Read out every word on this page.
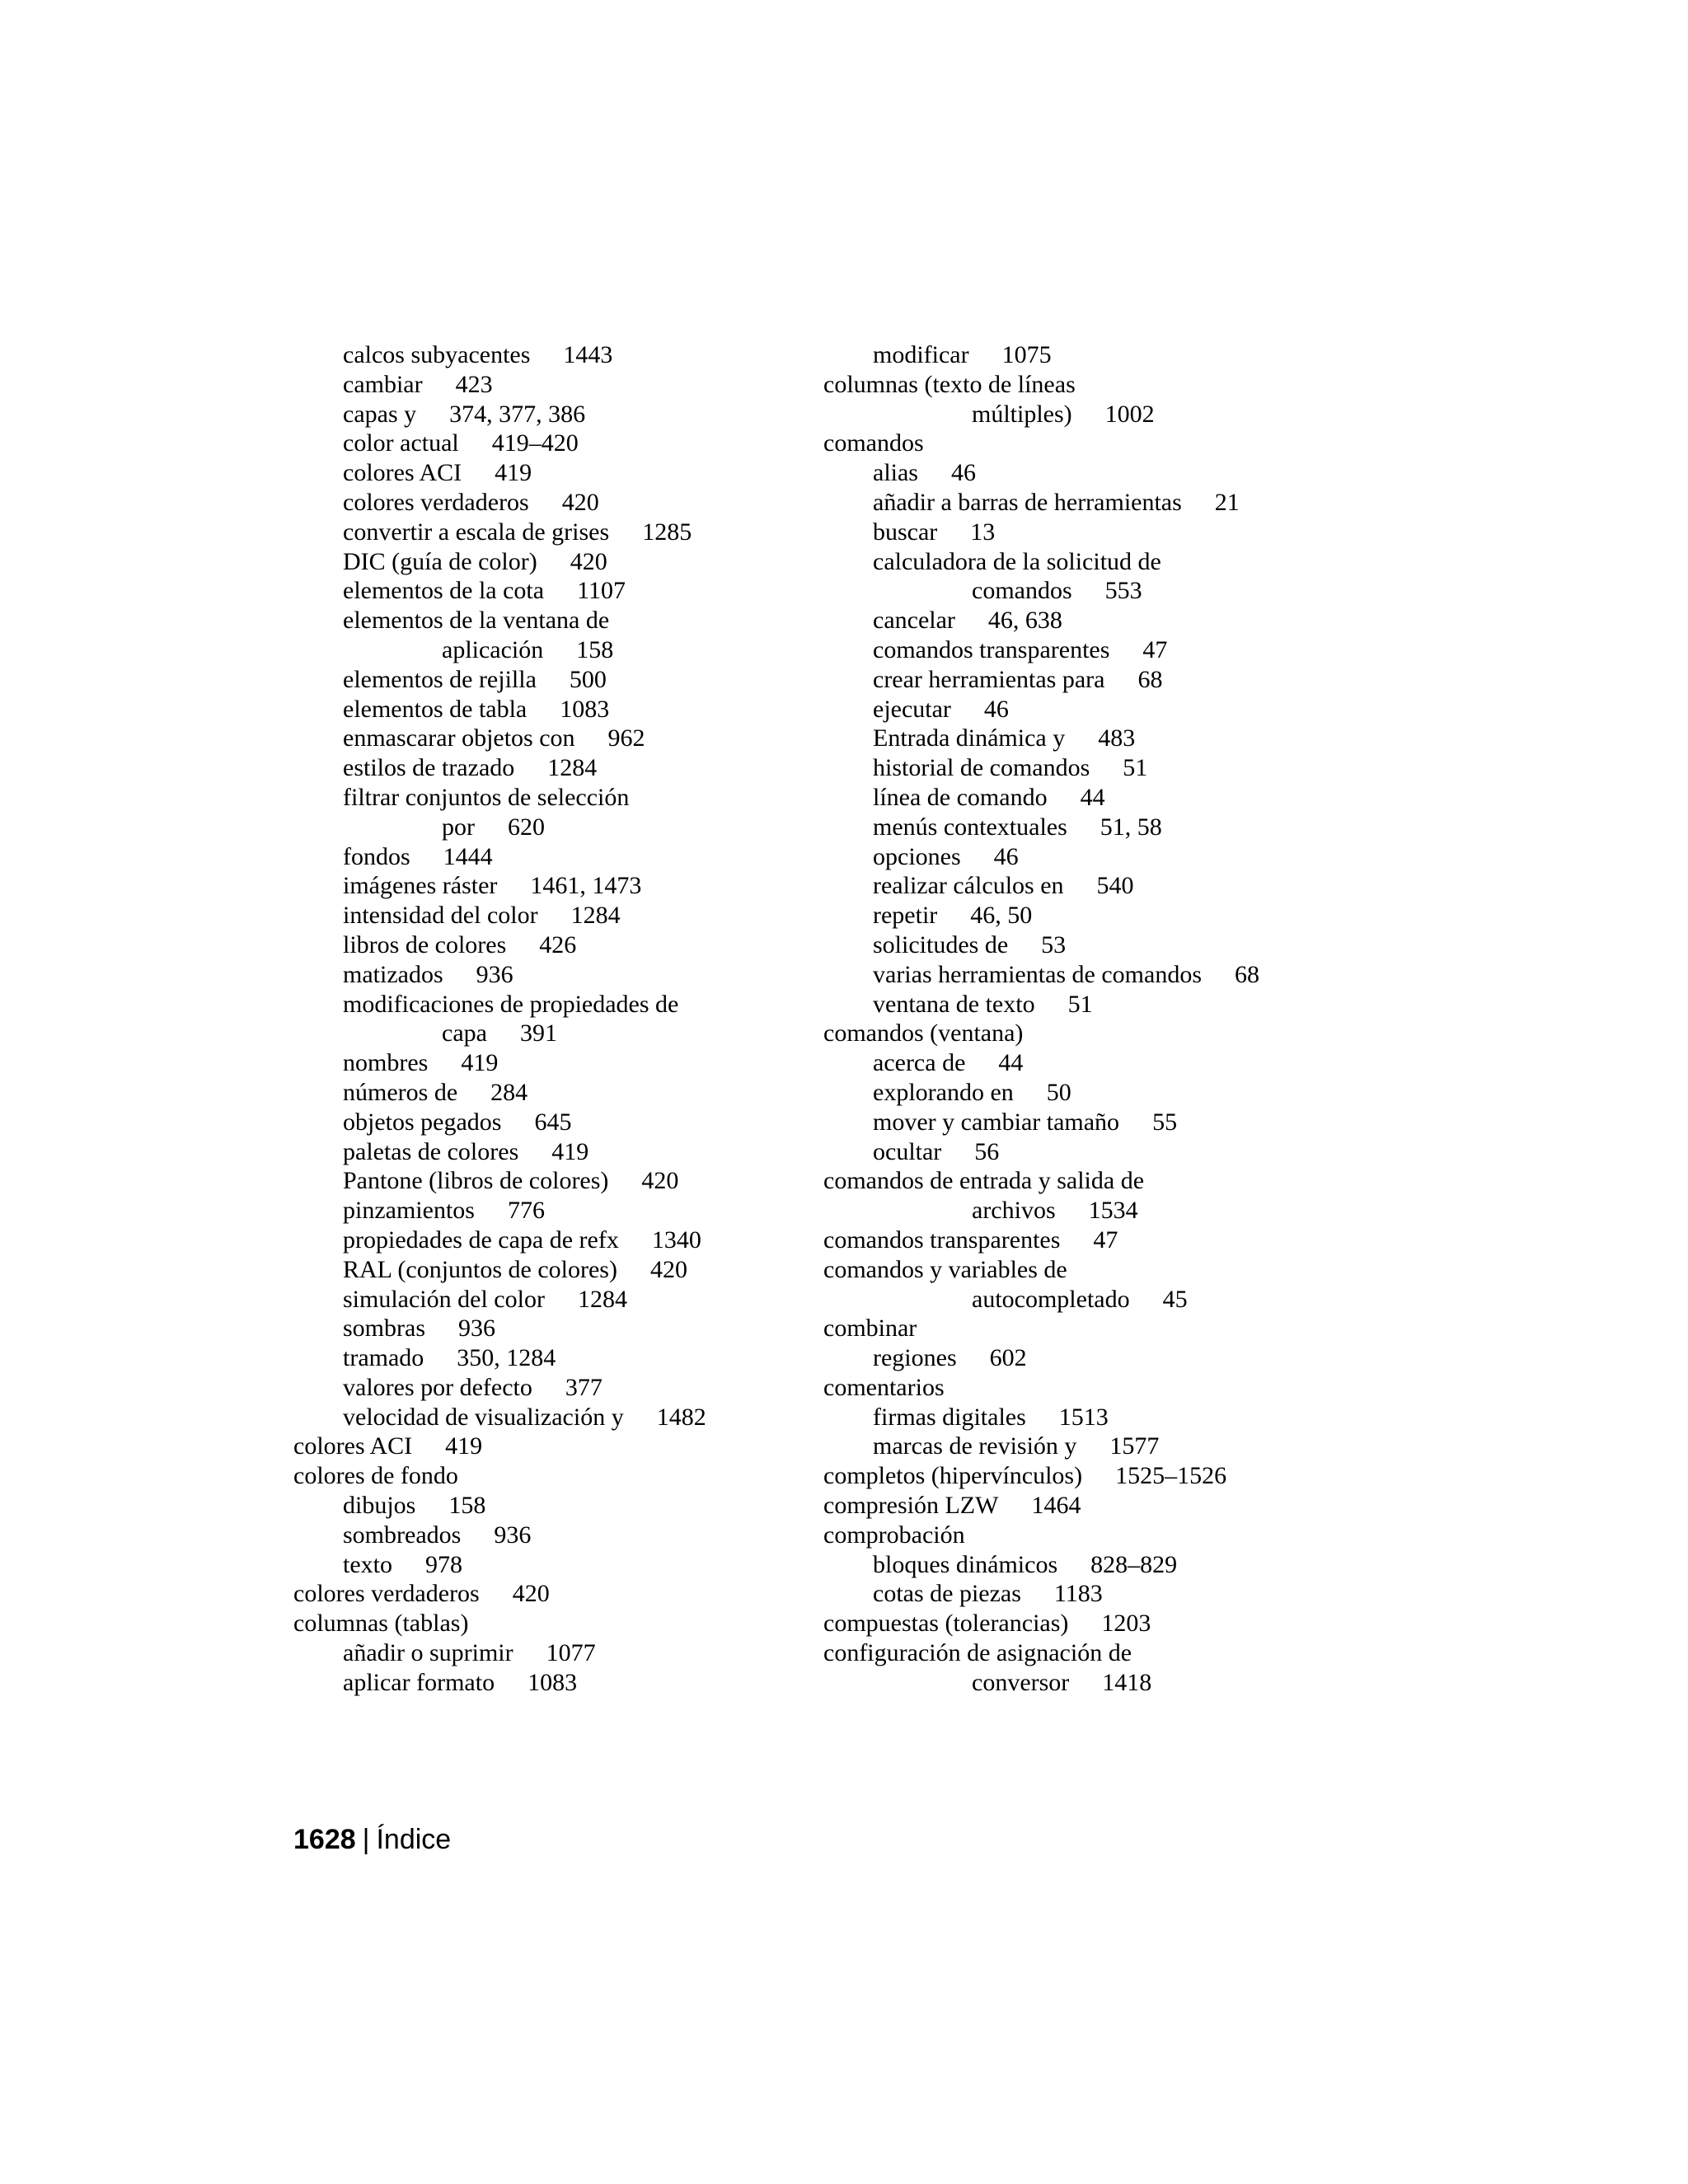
calcos subyacentes 1443
cambiar 423
capas y 374, 377, 386
color actual 419–420
colores ACI 419
colores verdaderos 420
convertir a escala de grises 1285
DIC (guía de color) 420
elementos de la cota 1107
elementos de la ventana de
aplicación 158
elementos de rejilla 500
elementos de tabla 1083
enmascarar objetos con 962
estilos de trazado 1284
filtrar conjuntos de selección
por 620
fondos 1444
imágenes ráster 1461, 1473
intensidad del color 1284
libros de colores 426
matizados 936
modificaciones de propiedades de
capa 391
nombres 419
números de 284
objetos pegados 645
paletas de colores 419
Pantone (libros de colores) 420
pinzamientos 776
propiedades de capa de refx 1340
RAL (conjuntos de colores) 420
simulación del color 1284
sombras 936
tramado 350, 1284
valores por defecto 377
velocidad de visualización y 1482
colores ACI 419
colores de fondo
dibujos 158
sombreados 936
texto 978
colores verdaderos 420
columnas (tablas)
añadir o suprimir 1077
aplicar formato 1083
modificar 1075
columnas (texto de líneas
múltiples) 1002
comandos
alias 46
añadir a barras de herramientas 21
buscar 13
calculadora de la solicitud de
comandos 553
cancelar 46, 638
comandos transparentes 47
crear herramientas para 68
ejecutar 46
Entrada dinámica y 483
historial de comandos 51
línea de comando 44
menús contextuales 51, 58
opciones 46
realizar cálculos en 540
repetir 46, 50
solicitudes de 53
varias herramientas de comandos 68
ventana de texto 51
comandos (ventana)
acerca de 44
explorando en 50
mover y cambiar tamaño 55
ocultar 56
comandos de entrada y salida de
archivos 1534
comandos transparentes 47
comandos y variables de
autocompletado 45
combinar
regiones 602
comentarios
firmas digitales 1513
marcas de revisión y 1577
completos (hipervínculos) 1525–1526
compresión LZW 1464
comprobación
bloques dinámicos 828–829
cotas de piezas 1183
compuestas (tolerancias) 1203
configuración de asignación de
conversor 1418
1628 | Índice
